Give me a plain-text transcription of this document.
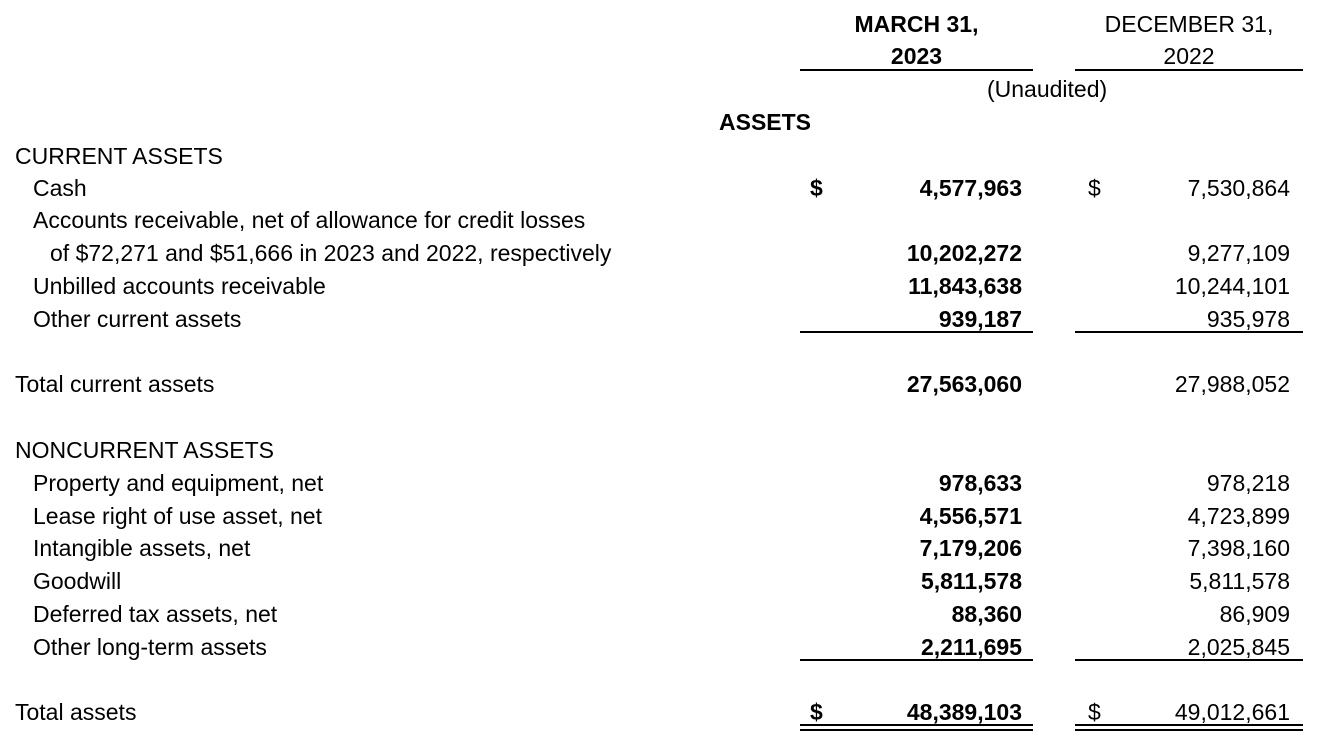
MARCH 31,
2023
DECEMBER 31,
2022
(Unaudited)
ASSETS
CURRENT ASSETS
Cash	$	4,577,963	$	7,530,864
Accounts receivable, net of allowance for credit losses
of $72,271 and $51,666 in 2023 and 2022, respectively	10,202,272	9,277,109
Unbilled accounts receivable	11,843,638	10,244,101
Other current assets	939,187	935,978
Total current assets	27,563,060	27,988,052
NONCURRENT ASSETS
Property and equipment, net	978,633	978,218
Lease right of use asset, net	4,556,571	4,723,899
Intangible assets, net	7,179,206	7,398,160
Goodwill	5,811,578	5,811,578
Deferred tax assets, net	88,360	86,909
Other long-term assets	2,211,695	2,025,845
Total assets	$	48,389,103	$	49,012,661
